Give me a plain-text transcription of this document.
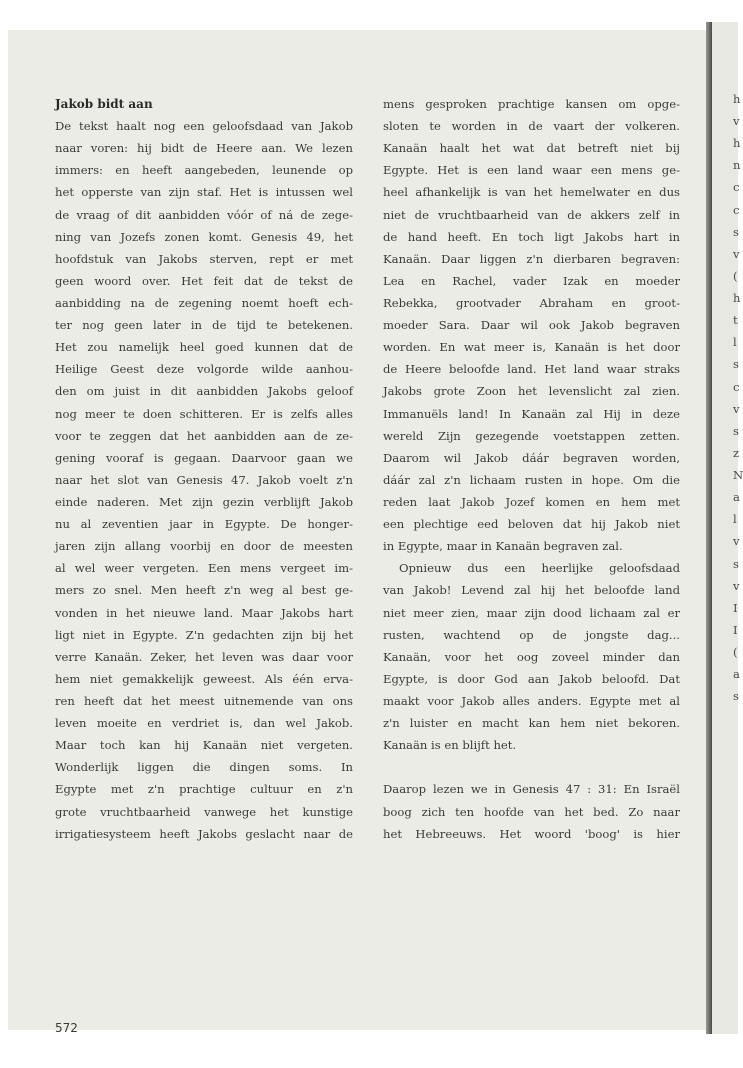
h
v
h
n
c
c
s
v
(
h
t
l
s
c
v
s
z
N
a
l
v
s
v
I
I
(
a
s
Jakob bidt aan
De tekst haalt nog een geloofsdaad van Jakob
naar voren: hij bidt de Heere aan. We lezen
immers: en heeft aangebeden, leunende op
het opperste van zijn staf. Het is intussen wel
de vraag of dit aanbidden vóór of ná de zege-
ning van Jozefs zonen komt. Genesis 49, het
hoofdstuk van Jakobs sterven, rept er met
geen woord over. Het feit dat de tekst de
aanbidding na de zegening noemt hoeft ech-
ter nog geen later in de tijd te betekenen.
Het zou namelijk heel goed kunnen dat de
Heilige Geest deze volgorde wilde aanhou-
den om juist in dit aanbidden Jakobs geloof
nog meer te doen schitteren. Er is zelfs alles
voor te zeggen dat het aanbidden aan de ze-
gening vooraf is gegaan. Daarvoor gaan we
naar het slot van Genesis 47. Jakob voelt z'n
einde naderen. Met zijn gezin verblijft Jakob
nu al zeventien jaar in Egypte. De honger-
jaren zijn allang voorbij en door de meesten
al wel weer vergeten. Een mens vergeet im-
mers zo snel. Men heeft z'n weg al best ge-
vonden in het nieuwe land. Maar Jakobs hart
ligt niet in Egypte. Z'n gedachten zijn bij het
verre Kanaän. Zeker, het leven was daar voor
hem niet gemakkelijk geweest. Als één erva-
ren heeft dat het meest uitnemende van ons
leven moeite en verdriet is, dan wel Jakob.
Maar toch kan hij Kanaän niet vergeten.
Wonderlijk liggen die dingen soms. In
Egypte met z'n prachtige cultuur en z'n
grote vruchtbaarheid vanwege het kunstige
irrigatiesysteem heeft Jakobs geslacht naar de
mens gesproken prachtige kansen om opge-
sloten te worden in de vaart der volkeren.
Kanaän haalt het wat dat betreft niet bij
Egypte. Het is een land waar een mens ge-
heel afhankelijk is van het hemelwater en dus
niet de vruchtbaarheid van de akkers zelf in
de hand heeft. En toch ligt Jakobs hart in
Kanaän. Daar liggen z'n dierbaren begraven:
Lea en Rachel, vader Izak en moeder
Rebekka, grootvader Abraham en groot-
moeder Sara. Daar wil ook Jakob begraven
worden. En wat meer is, Kanaän is het door
de Heere beloofde land. Het land waar straks
Jakobs grote Zoon het levenslicht zal zien.
Immanuëls land! In Kanaän zal Hij in deze
wereld Zijn gezegende voetstappen zetten.
Daarom wil Jakob dáár begraven worden,
dáár zal z'n lichaam rusten in hope. Om die
reden laat Jakob Jozef komen en hem met
een plechtige eed beloven dat hij Jakob niet
in Egypte, maar in Kanaän begraven zal.
Opnieuw dus een heerlijke geloofsdaad
van Jakob! Levend zal hij het beloofde land
niet meer zien, maar zijn dood lichaam zal er
rusten, wachtend op de jongste dag...
Kanaän, voor het oog zoveel minder dan
Egypte, is door God aan Jakob beloofd. Dat
maakt voor Jakob alles anders. Egypte met al
z'n luister en macht kan hem niet bekoren.
Kanaän is en blijft het.
Daarop lezen we in Genesis 47 : 31: En Israël
boog zich ten hoofde van het bed. Zo naar
het Hebreeuws. Het woord 'boog' is hier
572
